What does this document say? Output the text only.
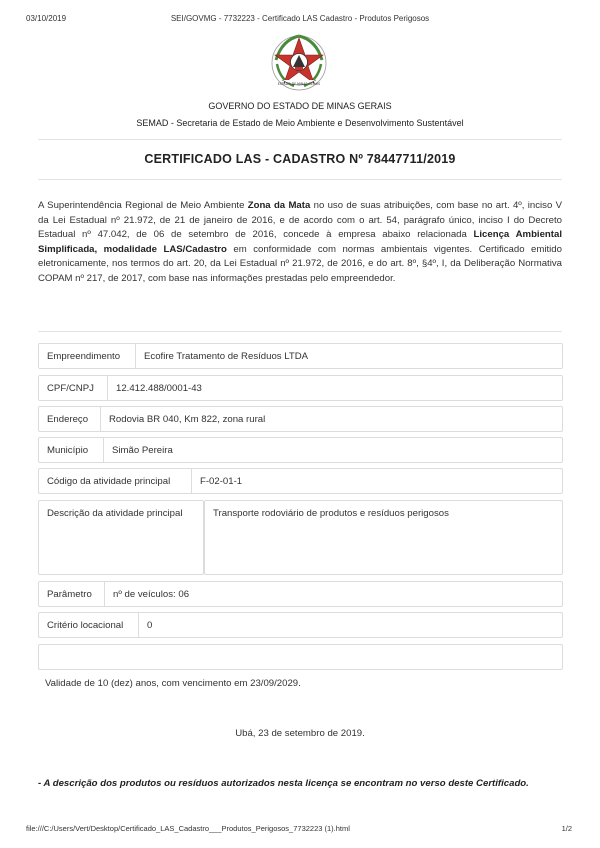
03/10/2019	SEI/GOVMG - 7732223 - Certificado LAS Cadastro - Produtos Perigosos
ESTADO DE MINAS GERAIS
GOVERNO DO ESTADO DE MINAS GERAIS
SEMAD - Secretaria de Estado de Meio Ambiente e Desenvolvimento Sustentável
CERTIFICADO LAS - CADASTRO Nº 78447711/2019
A Superintendência Regional de Meio Ambiente Zona da Mata no uso de suas atribuições, com base no art. 4º, inciso V da Lei Estadual nº 21.972, de 21 de janeiro de 2016, e de acordo com o art. 54, parágrafo único, inciso I do Decreto Estadual nº 47.042, de 06 de setembro de 2016, concede à empresa abaixo relacionada Licença Ambiental Simplificada, modalidade LAS/Cadastro em conformidade com normas ambientais vigentes. Certificado emitido eletronicamente, nos termos do art. 20, da Lei Estadual nº 21.972, de 2016, e do art. 8º, §4º, I, da Deliberação Normativa COPAM nº 217, de 2017, com base nas informações prestadas pelo empreendedor.
Empreendimento	Ecofire Tratamento de Resíduos LTDA
CPF/CNPJ	12.412.488/0001-43
Endereço	Rodovia BR 040, Km 822, zona rural
Município	Simão Pereira
Código da atividade principal	F-02-01-1
Descrição da atividade principal	Transporte rodoviário de produtos e resíduos perigosos
Parâmetro	nº de veículos: 06
Critério locacional	0
Validade de 10 (dez) anos, com vencimento em 23/09/2029.
Ubá, 23 de setembro de 2019.
- A descrição dos produtos ou resíduos autorizados nesta licença se encontram no verso deste Certificado.
file:///C:/Users/Vert/Desktop/Certificado_LAS_Cadastro___Produtos_Perigosos_7732223 (1).html	1/2
